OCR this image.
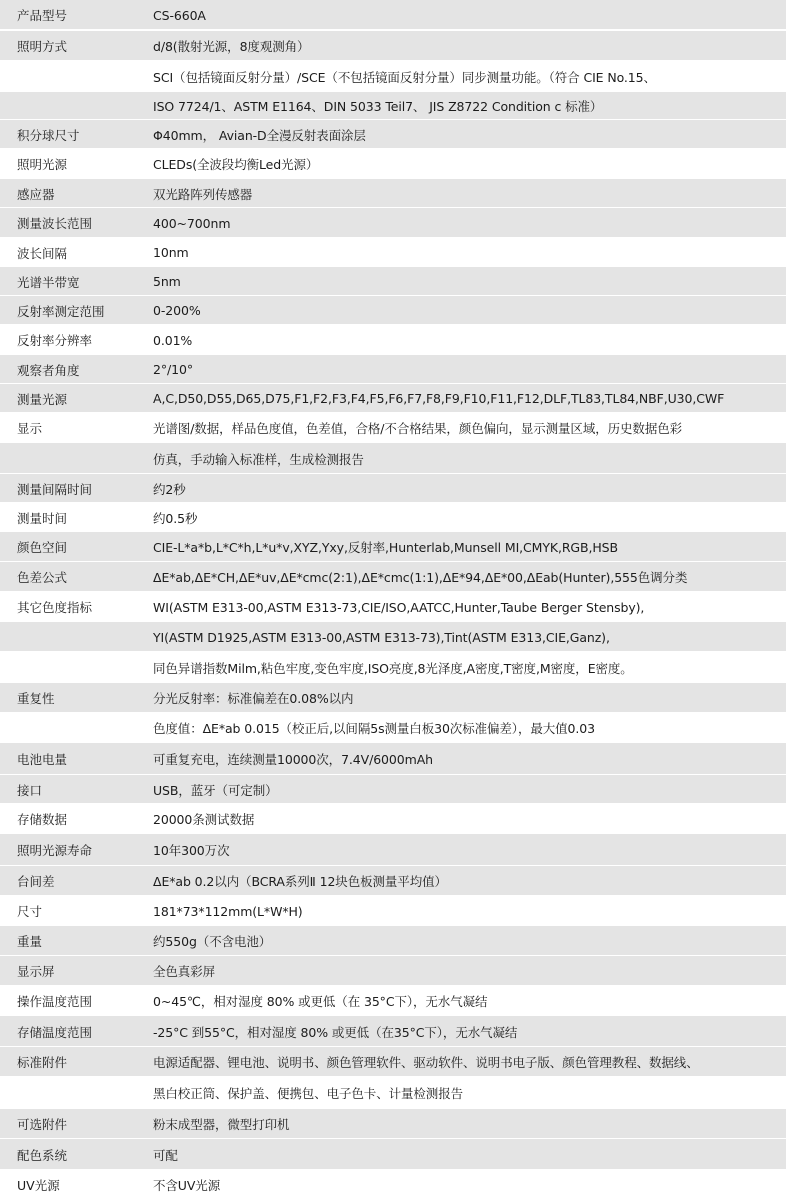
产品型号	CS-660A
照明方式	d/8(散射光源，8度观测角）
SCI（包括镜面反射分量）/SCE（不包括镜面反射分量）同步测量功能。（符合 CIE No.15、
ISO 7724/1、ASTM E1164、DIN 5033 Teil7、 JIS Z8722 Condition c 标准）
积分球尺寸	Φ40mm， Avian-D全漫反射表面涂层
照明光源	CLEDs(全波段均衡Led光源）
感应器	双光路阵列传感器
测量波长范围	400~700nm
波长间隔	10nm
光谱半带宽	5nm
反射率测定范围	0-200%
反射率分辨率	0.01%
观察者角度	2°/10°
测量光源	A,C,D50,D55,D65,D75,F1,F2,F3,F4,F5,F6,F7,F8,F9,F10,F11,F12,DLF,TL83,TL84,NBF,U30,CWF
显示	光谱图/数据，样品色度值，色差值，合格/不合格结果，颜色偏向，显示测量区域，历史数据色彩
仿真，手动输入标准样，生成检测报告
测量间隔时间	约2秒
测量时间	约0.5秒
颜色空间	CIE-L*a*b,L*C*h,L*u*v,XYZ,Yxy,反射率,Hunterlab,Munsell MI,CMYK,RGB,HSB
色差公式	ΔE*ab,ΔE*CH,ΔE*uv,ΔE*cmc(2:1),ΔE*cmc(1:1),ΔE*94,ΔE*00,ΔEab(Hunter),555色调分类
其它色度指标	WI(ASTM E313-00,ASTM E313-73,CIE/ISO,AATCC,Hunter,Taube Berger Stensby),
YI(ASTM D1925,ASTM E313-00,ASTM E313-73),Tint(ASTM E313,CIE,Ganz),
同色异谱指数Milm,粘色牢度,变色牢度,ISO亮度,8光泽度,A密度,T密度,M密度，E密度。
重复性	分光反射率：标准偏差在0.08%以内
色度值：ΔE*ab 0.015（校正后,以间隔5s测量白板30次标准偏差），最大值0.03
电池电量	可重复充电，连续测量10000次，7.4V/6000mAh
接口	USB，蓝牙（可定制）
存储数据	20000条测试数据
照明光源寿命	10年300万次
台间差	ΔE*ab 0.2以内（BCRA系列Ⅱ 12块色板测量平均值）
尺寸	181*73*112mm(L*W*H)
重量	约550g（不含电池）
显示屏	全色真彩屏
操作温度范围	0~45℃，相对湿度 80% 或更低（在 35°C下），无水气凝结
存储温度范围	-25°C 到55°C，相对湿度 80% 或更低（在35°C下），无水气凝结
标准附件	电源适配器、锂电池、说明书、颜色管理软件、驱动软件、说明书电子版、颜色管理教程、数据线、
黑白校正筒、保护盖、便携包、电子色卡、计量检测报告
可选附件	粉末成型器，微型打印机
配色系统	可配
UV光源	不含UV光源
